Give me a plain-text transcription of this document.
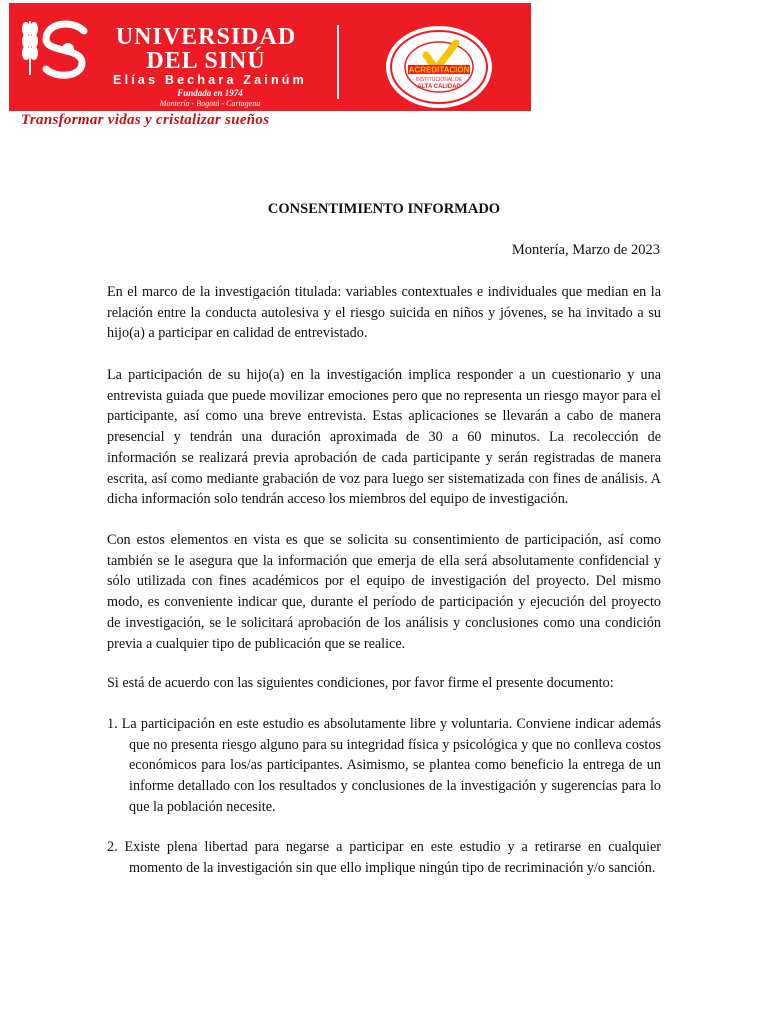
UNIVERSIDAD
DEL SINÚ
Elías Bechara Zainúm
Fundada en 1974
Montería - Bogotá - Cartagena
ACREDITACIÓN
INSTITUCIONAL DE
ALTA CALIDAD
Transformar vidas y cristalizar sueños
CONSENTIMIENTO INFORMADO
Montería, Marzo de 2023

En el marco de la investigación titulada: variables contextuales e individuales que median en la relación entre la conducta autolesiva y el riesgo suicida en niños y jóvenes, se ha invitado a su hijo(a) a participar en calidad de entrevistado.

La participación de su hijo(a) en la investigación implica responder a un cuestionario y una entrevista guiada que puede movilizar emociones pero que no representa un riesgo mayor para el participante, así como una breve entrevista. Estas aplicaciones se llevarán a cabo de manera presencial y tendrán una duración aproximada de 30 a 60 minutos. La recolección de información se realizará previa aprobación de cada participante y serán registradas de manera escrita, así como mediante grabación de voz para luego ser sistematizada con fines de análisis. A dicha información solo tendrán acceso los miembros del equipo de investigación.

Con estos elementos en vista es que se solicita su consentimiento de participación, así como también se le asegura que la información que emerja de ella será absolutamente confidencial y sólo utilizada con fines académicos por el equipo de investigación del proyecto. Del mismo modo, es conveniente indicar que, durante el período de participación y ejecución del proyecto de investigación, se le solicitará aprobación de los análisis y conclusiones como una condición previa a cualquier tipo de publicación que se realice.

Si está de acuerdo con las siguientes condiciones, por favor firme el presente documento:

1. La participación en este estudio es absolutamente libre y voluntaria. Conviene indicar además que no presenta riesgo alguno para su integridad física y psicológica y que no conlleva costos económicos para los/as participantes. Asimismo, se plantea como beneficio la entrega de un informe detallado con los resultados y conclusiones de la investigación y sugerencias para lo que la población necesite.

2. Existe plena libertad para negarse a participar en este estudio y a retirarse en cualquier momento de la investigación sin que ello implique ningún tipo de recriminación y/o sanción.
